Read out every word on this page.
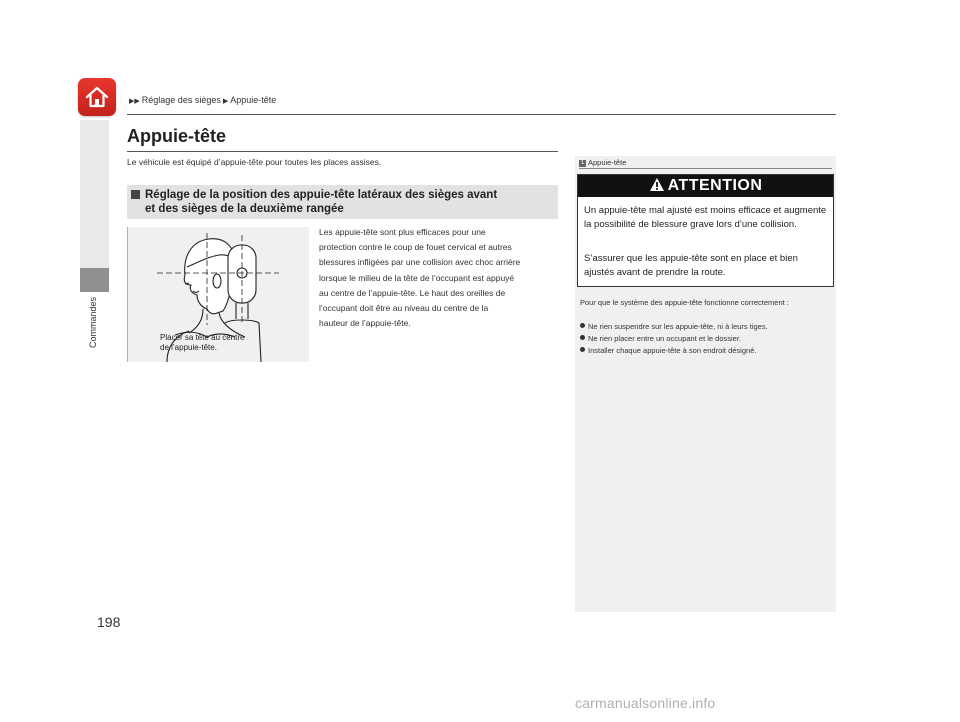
▶▶ Réglage des sièges ▶ Appuie-tête
Commandes
198
Appuie-tête
Le véhicule est équipé d’appuie-tête pour toutes les places assises.
Réglage de la position des appuie-tête latéraux des sièges avant
et des sièges de la deuxième rangée
Placer sa tête au centre
de l’appuie-tête.
Les appuie-tête sont plus efficaces pour une
protection contre le coup de fouet cervical et autres
blessures infligées par une collision avec choc arrière
lorsque le milieu de la tête de l’occupant est appuyé
au centre de l’appuie-tête. Le haut des oreilles de
l’occupant doit être au niveau du centre de la
hauteur de l’appuie-tête.
1 Appuie-tête
ATTENTION
Un appuie-tête mal ajusté est moins efficace et augmente la possibilité de blessure grave lors d’une collision.
S’assurer que les appuie-tête sont en place et bien ajustés avant de prendre la route.
Pour que le système des appuie-tête fonctionne correctement :
Ne rien suspendre sur les appuie-tête, ni à leurs tiges.
Ne rien placer entre un occupant et le dossier.
Installer chaque appuie-tête à son endroit désigné.
carmanualsonline.info
